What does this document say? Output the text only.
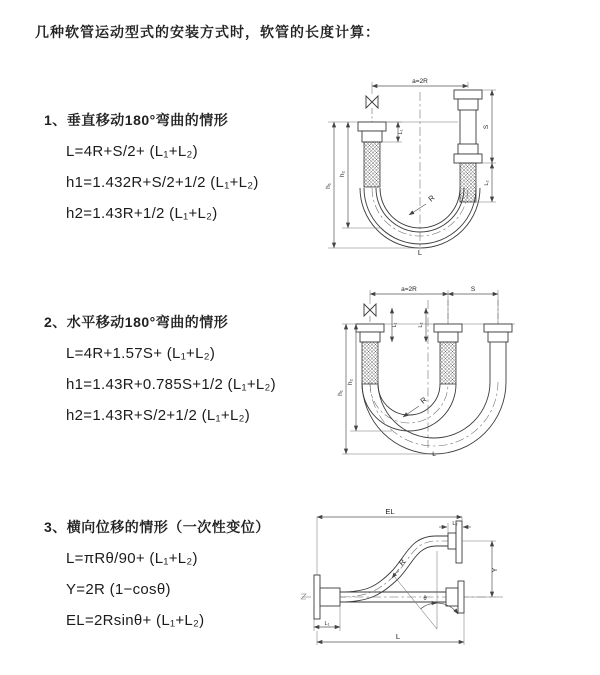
几种软管运动型式的安装方式时，软管的长度计算：
1、垂直移动180°弯曲的情形
L=4R+S/2+ (L₁+L₂)
h1=1.432R+S/2+1/2 (L₁+L₂)
h2=1.43R+1/2 (L₁+L₂)
2、水平移动180°弯曲的情形
L=4R+1.57S+ (L₁+L₂)
h1=1.43R+0.785S+1/2 (L₁+L₂)
h2=1.43R+S/2+1/2 (L₁+L₂)
3、横向位移的情形（一次性变位）
L=πRθ/90+ (L₁+L₂)
Y=2R (1−cosθ)
EL=2Rsinθ+ (L₁+L₂)
a=2R
h₁
h₂
L₁
S
L₂
R
L
a=2R	S
h₁
h₂
L₁	L₂
R
L
EL
L₂
Y
θ
R
L₁
L
